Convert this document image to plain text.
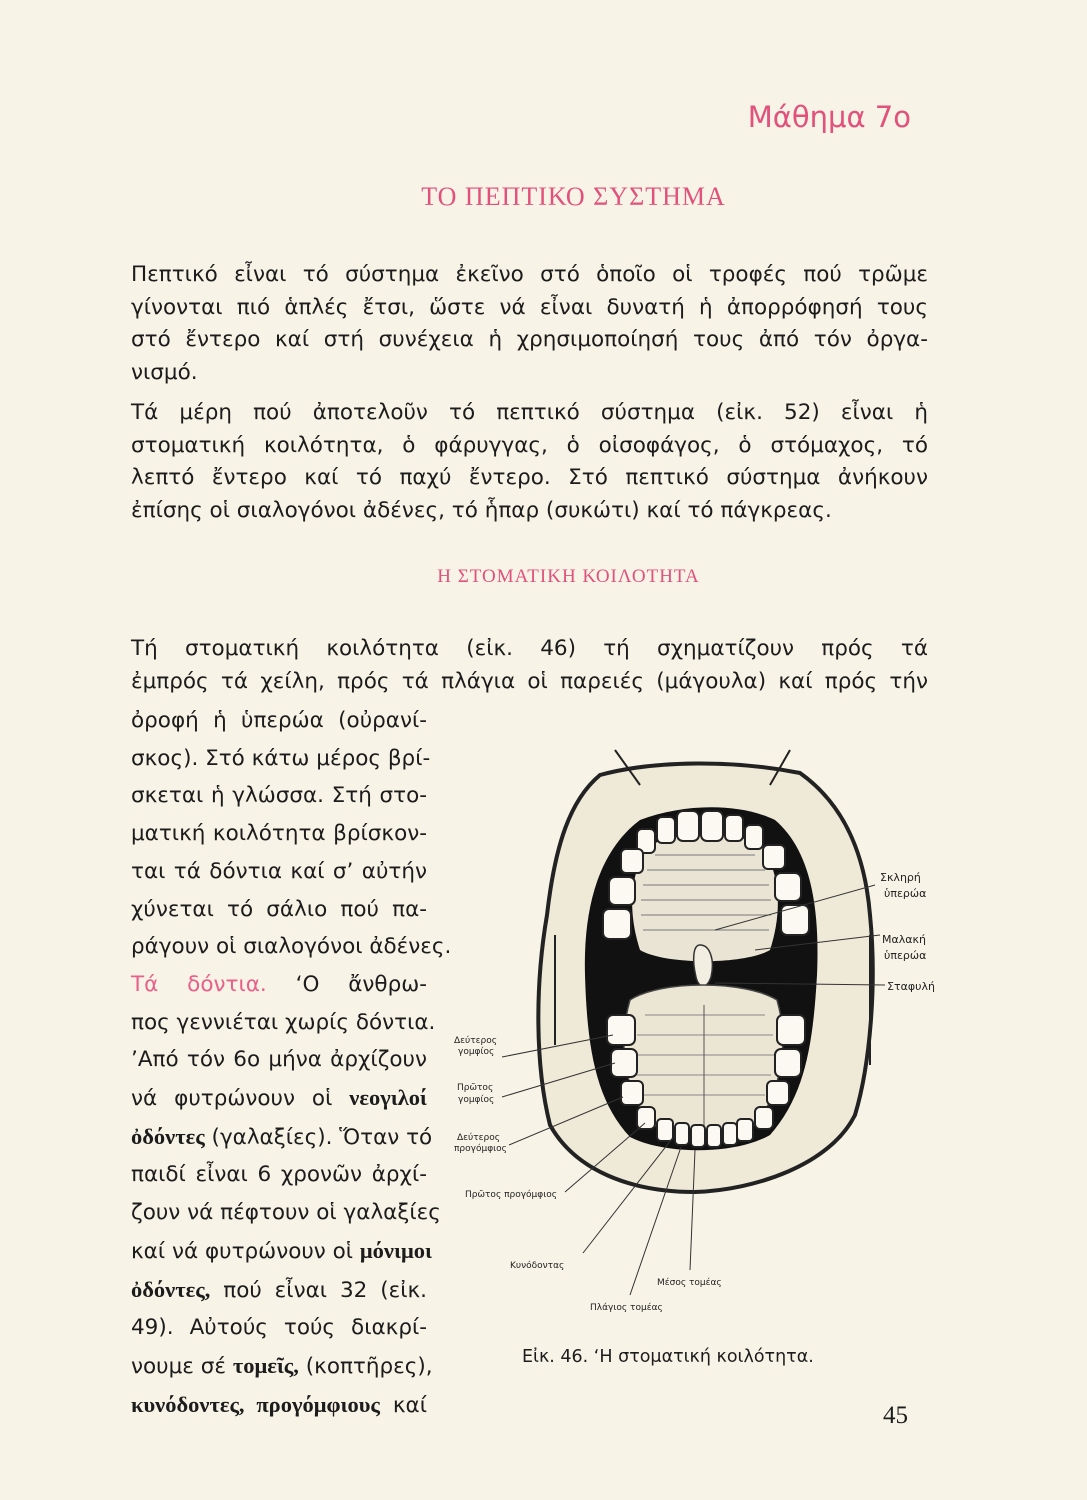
Μάθημα 7ο
ΤΟ ΠΕΠΤΙΚΟ ΣΥΣΤΗΜΑ
Πεπτικό εἶναι τό σύστημα ἐκεῖνο στό ὁποῖο οἱ τροφές πού τρῶμε
γίνονται πιό ἁπλές ἔτσι, ὥστε νά εἶναι δυνατή ἡ ἀπορρόφησή τους
στό ἔντερο καί στή συνέχεια ἡ χρησιμοποίησή τους ἀπό τόν ὀργα-
νισμό.
Τά μέρη πού ἀποτελοῦν τό πεπτικό σύστημα (εἰκ. 52) εἶναι ἡ
στοματική κοιλότητα, ὁ φάρυγγας, ὁ οἰσοφάγος, ὁ στόμαχος, τό
λεπτό ἔντερο καί τό παχύ ἔντερο. Στό πεπτικό σύστημα ἀνήκουν
ἐπίσης οἱ σιαλογόνοι ἀδένες, τό ἧπαρ (συκώτι) καί τό πάγκρεας.
Η ΣΤΟΜΑΤΙΚΗ ΚΟΙΛΟΤΗΤΑ
Τή στοματική κοιλότητα (εἰκ. 46) τή σχηματίζουν πρός τά
ἐμπρός τά χείλη, πρός τά πλάγια οἱ παρειές (μάγουλα) καί πρός τήν
ὀροφή ἡ ὑπερώα (οὐρανί-
σκος). Στό κάτω μέρος βρί-
σκεται ἡ γλώσσα. Στή στο-
ματική κοιλότητα βρίσκον-
ται τά δόντια καί σ’ αὐτήν
χύνεται τό σάλιο πού πα-
ράγουν οἱ σιαλογόνοι ἀδένες.
Τά δόντια. ‘Ο ἄνθρω-
πος γεννιέται χωρίς δόντια.
’Από τόν 6ο μήνα ἀρχίζουν
νά φυτρώνουν οἱ νεογιλοί
ὀδόντες (γαλαξίες). Ὅταν τό
παιδί εἶναι 6 χρονῶν ἀρχί-
ζουν νά πέφτουν οἱ γαλαξίες
καί νά φυτρώνουν οἱ μόνιμοι
ὀδόντες, πού εἶναι 32 (εἰκ.
49). Αὐτούς τούς διακρί-
νουμε σέ τομεῖς, (κοπτῆρες),
κυνόδοντες, προγόμφιους καί
Σκληρή
ὑπερώα
Μαλακή
ὑπερώα
Σταφυλή
Δεύτερος
γομφίος
Πρῶτος
γομφίος
Δεύτερος
προγόμφιος
Πρῶτος προγόμφιος
Κυνόδοντας
Μέσος τομέας
Πλάγιος τομέας
Εἰκ. 46. ‘Η στοματική κοιλότητα.
45
